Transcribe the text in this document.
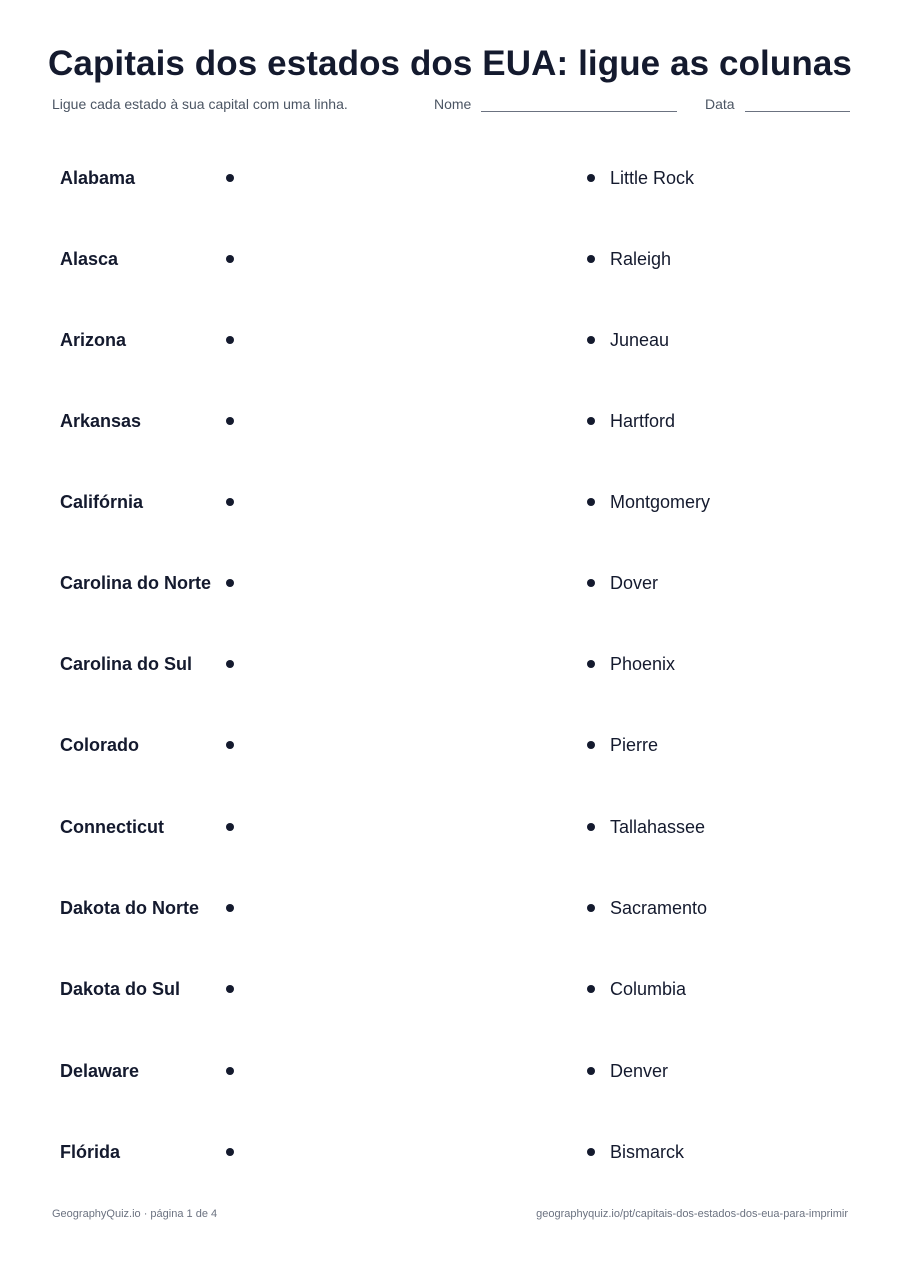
Capitais dos estados dos EUA: ligue as colunas
Ligue cada estado à sua capital com uma linha.	Nome	Data
Alabama	Little Rock
Alasca	Raleigh
Arizona	Juneau
Arkansas	Hartford
Califórnia	Montgomery
Carolina do Norte	Dover
Carolina do Sul	Phoenix
Colorado	Pierre
Connecticut	Tallahassee
Dakota do Norte	Sacramento
Dakota do Sul	Columbia
Delaware	Denver
Flórida	Bismarck
GeographyQuiz.io · página 1 de 4	geographyquiz.io/pt/capitais-dos-estados-dos-eua-para-imprimir
